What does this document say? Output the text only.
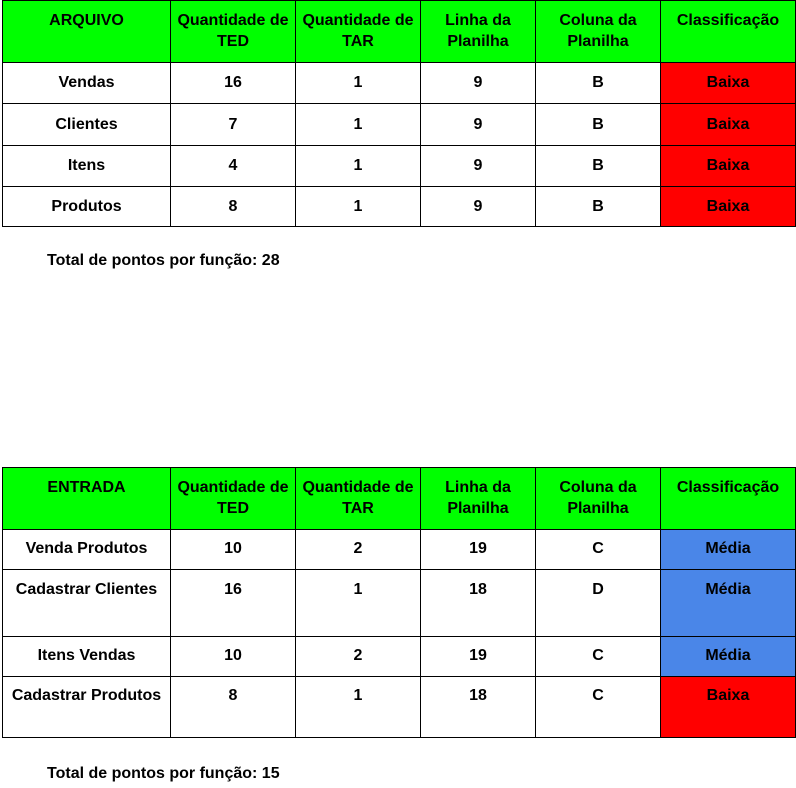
ARQUIVO	Quantidade de TED	Quantidade de TAR	Linha da Planilha	Coluna da Planilha	Classificação
Vendas	16	1	9	B	Baixa
Clientes	7	1	9	B	Baixa
Itens	4	1	9	B	Baixa
Produtos	8	1	9	B	Baixa
Total de pontos por função: 28
ENTRADA	Quantidade de TED	Quantidade de TAR	Linha da Planilha	Coluna da Planilha	Classificação
Venda Produtos	10	2	19	C	Média
Cadastrar Clientes	16	1	18	D	Média
Itens Vendas	10	2	19	C	Média
Cadastrar Produtos	8	1	18	C	Baixa
Total de pontos por função: 15
